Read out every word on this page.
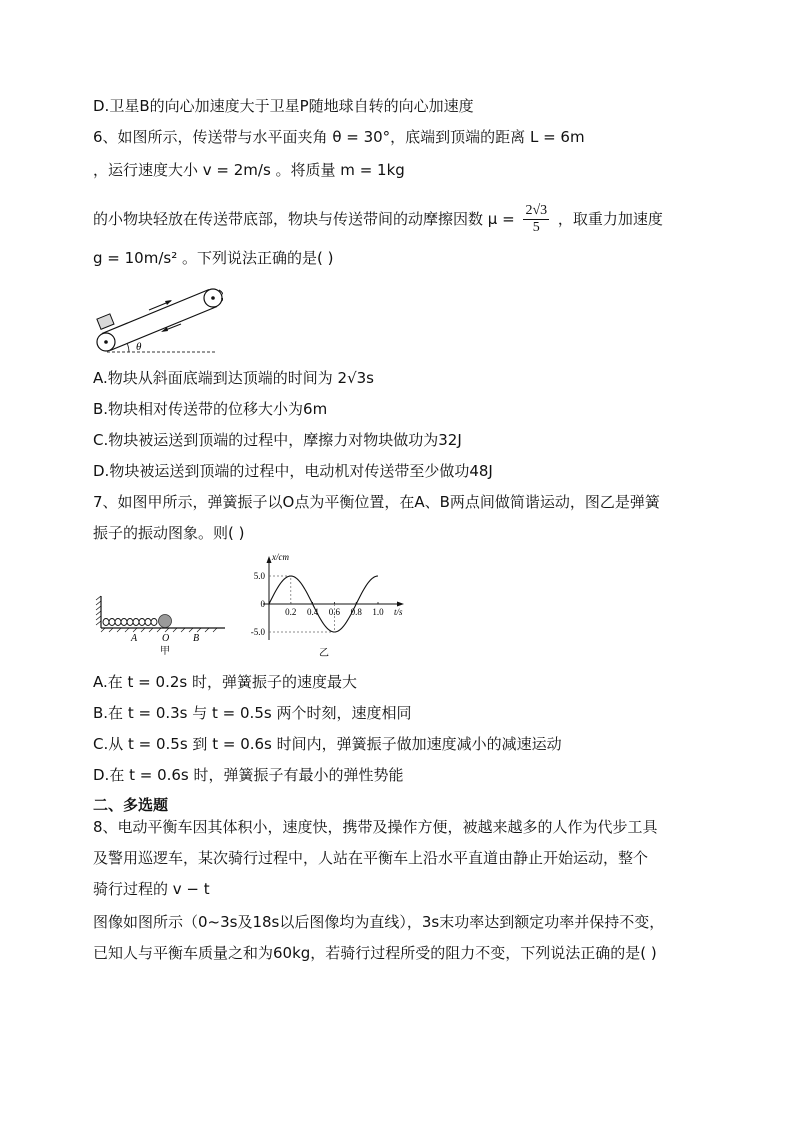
D.卫星B的向心加速度大于卫星P随地球自转的向心加速度
6、如图所示，传送带与水平面夹角 θ = 30°，底端到顶端的距离 L = 6m
，运行速度大小 v = 2m/s 。将质量 m = 1kg
的小物块轻放在传送带底部，物块与传送带间的动摩擦因数 $\mu = \frac{2√3}{5}$ ，取重力加速度
g = 10m/s² 。下列说法正确的是( )
θ
A.物块从斜面底端到达顶端的时间为 2√3s
B.物块相对传送带的位移大小为6m
C.物块被运送到顶端的过程中，摩擦力对物块做功为32J
D.物块被运送到顶端的过程中，电动机对传送带至少做功48J
7、如图甲所示，弹簧振子以O点为平衡位置，在A、B两点间做简谐运动，图乙是弹簧
振子的振动图象。则( )
A O B
甲
x/cm
t/s
5.0
0
-5.0
0.2 0.4 0.6 0.8 1.0
乙
A.在 t = 0.2s 时，弹簧振子的速度最大
B.在 t = 0.3s 与 t = 0.5s 两个时刻，速度相同
C.从 t = 0.5s 到 t = 0.6s 时间内，弹簧振子做加速度减小的减速运动
D.在 t = 0.6s 时，弹簧振子有最小的弹性势能
二、多选题
8、电动平衡车因其体积小，速度快，携带及操作方便，被越来越多的人作为代步工具
及警用巡逻车，某次骑行过程中，人站在平衡车上沿水平直道由静止开始运动，整个
骑行过程的 v − t
图像如图所示（0~3s及18s以后图像均为直线），3s末功率达到额定功率并保持不变，
已知人与平衡车质量之和为60kg，若骑行过程所受的阻力不变，下列说法正确的是( )
